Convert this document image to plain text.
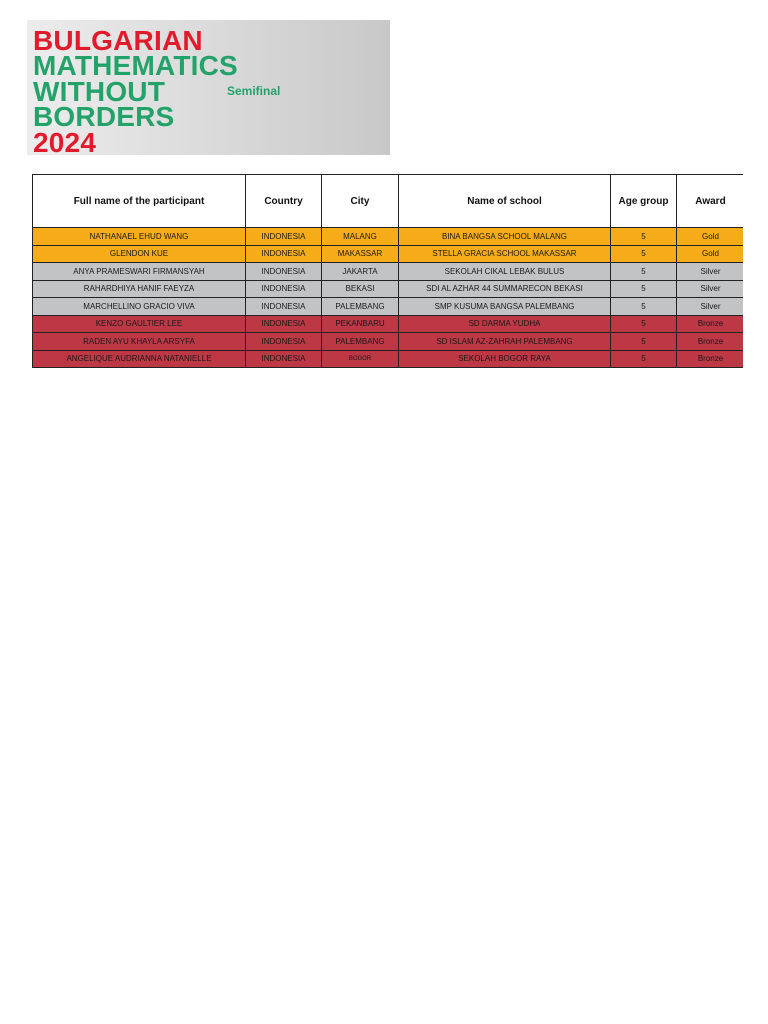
BULGARIAN
MATHEMATICS
WITHOUT
BORDERS
2024
Semifinal
Full name of the participant	Country	City	Name of school	Age group	Award
NATHANAEL EHUD WANG	INDONESIA	MALANG	BINA BANGSA SCHOOL MALANG	5	Gold
GLENDON KUE	INDONESIA	MAKASSAR	STELLA GRACIA SCHOOL MAKASSAR	5	Gold
ANYA PRAMESWARI FIRMANSYAH	INDONESIA	JAKARTA	SEKOLAH CIKAL LEBAK BULUS	5	Silver
RAHARDHIYA HANIF FAEYZA	INDONESIA	BEKASI	SDI AL AZHAR 44 SUMMARECON BEKASI	5	Silver
MARCHELLINO GRACIO VIVA	INDONESIA	PALEMBANG	SMP KUSUMA BANGSA PALEMBANG	5	Silver
KENZO GAULTIER LEE	INDONESIA	PEKANBARU	SD DARMA YUDHA	5	Bronze
RADEN AYU KHAYLA ARSYFA	INDONESIA	PALEMBANG	SD ISLAM AZ-ZAHRAH PALEMBANG	5	Bronze
ANGELIQUE AUDRIANNA NATANIELLE	INDONESIA	BOGOR	SEKOLAH BOGOR RAYA	5	Bronze
